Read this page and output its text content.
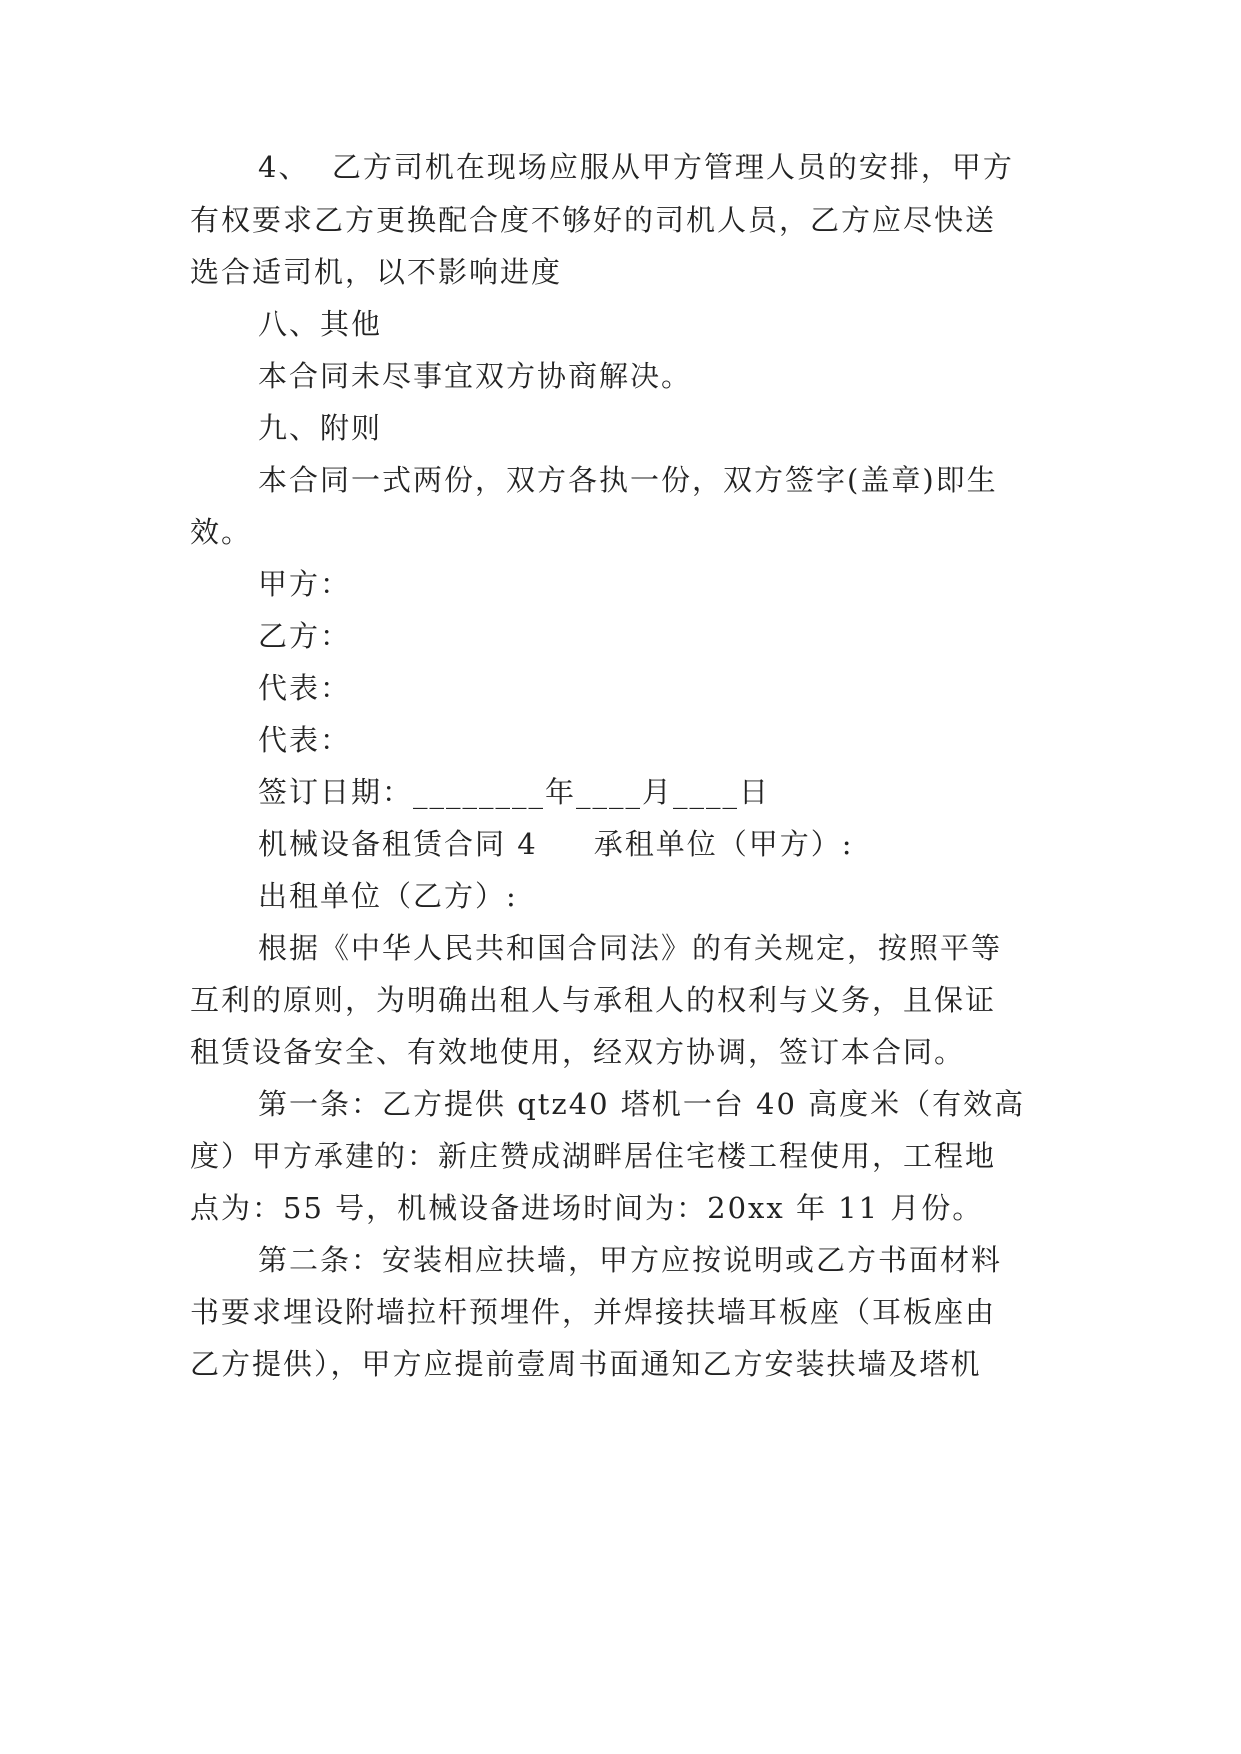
4、  乙方司机在现场应服从甲方管理人员的安排，甲方
有权要求乙方更换配合度不够好的司机人员，乙方应尽快送
选合适司机，以不影响进度
八、其他
本合同未尽事宜双方协商解决。
九、附则
本合同一式两份，双方各执一份，双方签字(盖章)即生
效。
甲方：
乙方：
代表：
代表：
签订日期：________年____月____日
机械设备租赁合同 4     承租单位（甲方）:
出租单位（乙方）:
根据《中华人民共和国合同法》的有关规定，按照平等
互利的原则，为明确出租人与承租人的权利与义务，且保证
租赁设备安全、有效地使用，经双方协调，签订本合同。
第一条：乙方提供 qtz40 塔机一台 40 高度米（有效高
度）甲方承建的：新庄赞成湖畔居住宅楼工程使用，工程地
点为：55 号，机械设备进场时间为：20xx 年 11 月份。
第二条：安装相应扶墙，甲方应按说明或乙方书面材料
书要求埋设附墙拉杆预埋件，并焊接扶墙耳板座（耳板座由
乙方提供），甲方应提前壹周书面通知乙方安装扶墙及塔机
